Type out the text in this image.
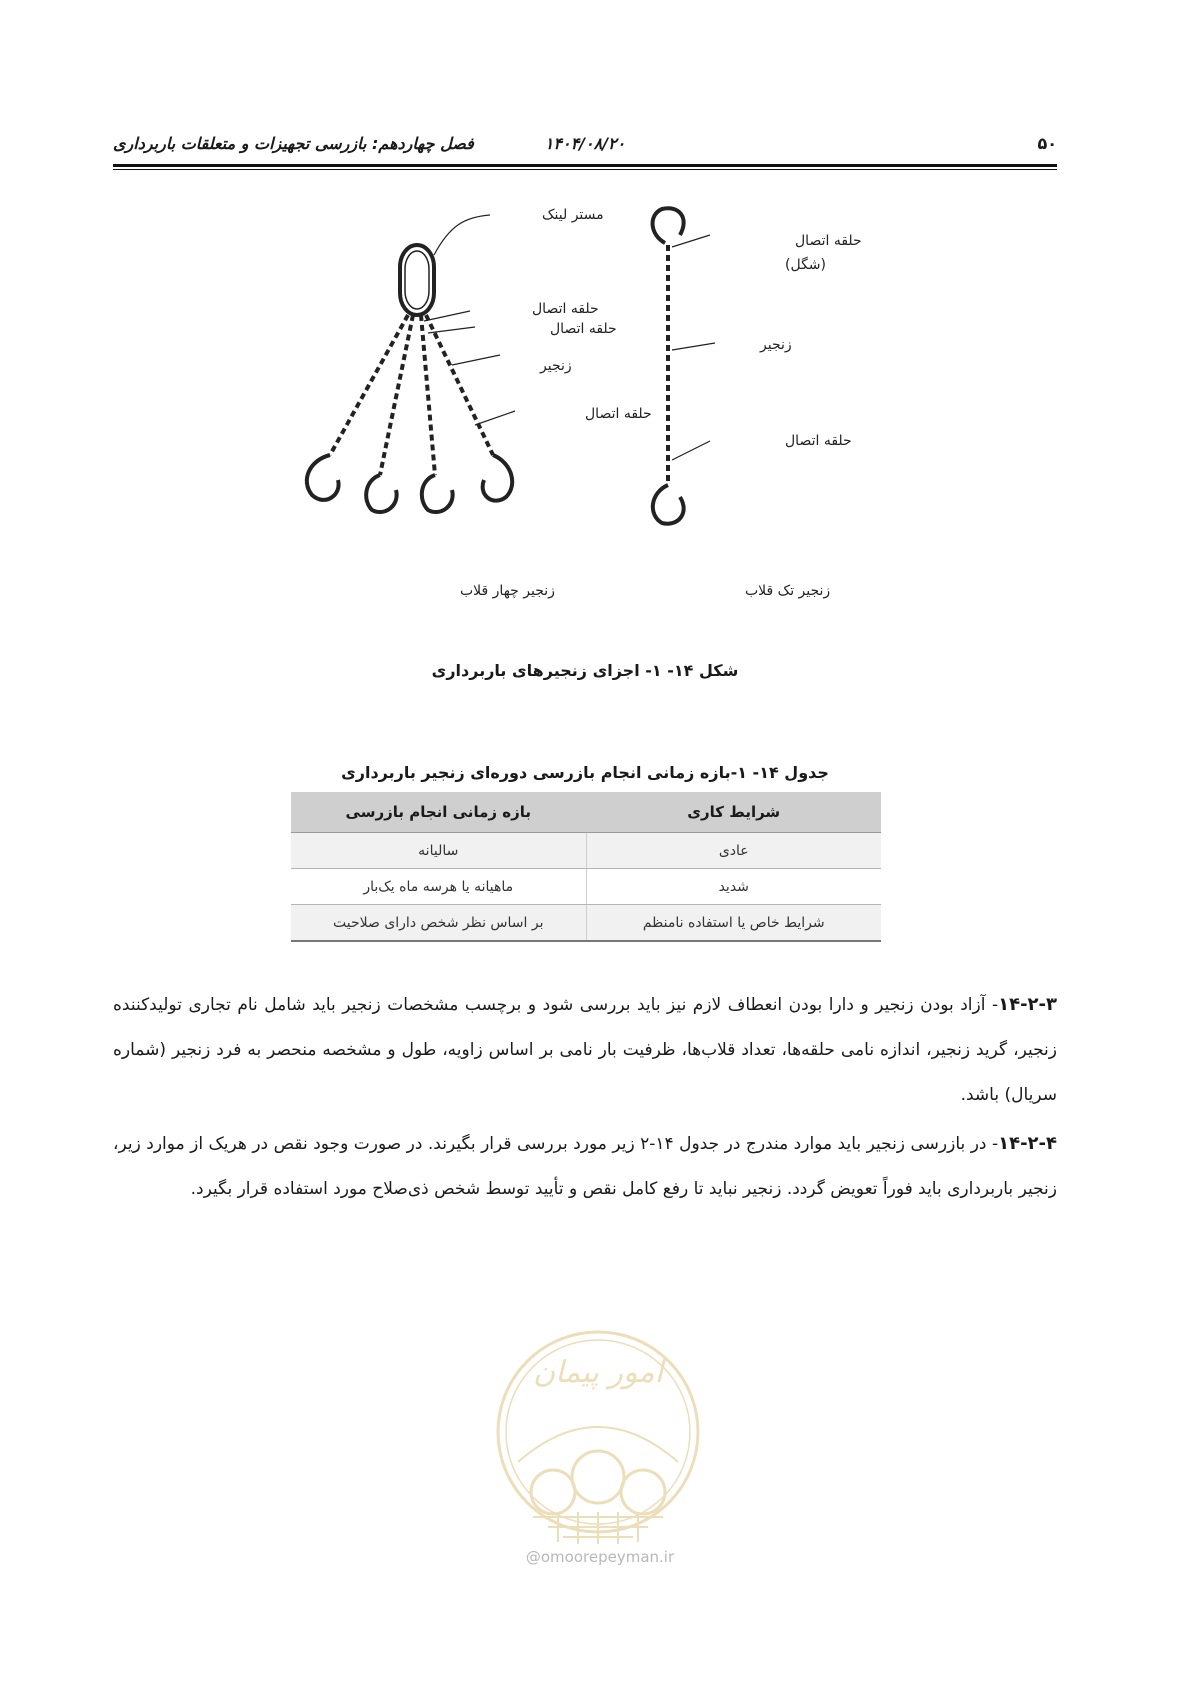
۵۰
۱۴۰۴/۰۸/۲۰
فصل چهاردهم: بازرسی تجهیزات و متعلقات باربرداری
مستر لینک
حلقه اتصال
حلقه اتصال
زنجیر
حلقه اتصال
حلقه اتصال
(شگل)
زنجیر
حلقه اتصال
زنجیر چهار قلاب	زنجیر تک قلاب
شکل ۱۴- ۱- اجزای زنجیرهای باربرداری
جدول ۱۴- ۱-بازه زمانی انجام بازرسی دوره‌ای زنجیر باربرداری
شرایط کاری	بازه زمانی انجام بازرسی
عادی	سالیانه
شدید	ماهیانه یا هرسه ماه یک‌بار
شرایط خاص یا استفاده نامنظم	بر اساس نظر شخص دارای صلاحیت
۱۴-۲-۳- آزاد بودن زنجیر و دارا بودن انعطاف لازم نیز باید بررسی شود و برچسب مشخصات زنجیر باید شامل نام تجاری تولیدکننده زنجیر، گرید زنجیر، اندازه نامی حلقه‌ها، تعداد قلاب‌ها، ظرفیت بار نامی بر اساس زاویه، طول و مشخصه منحصر به فرد زنجیر (شماره سریال) باشد.
۱۴-۲-۴- در بازرسی زنجیر باید موارد مندرج در جدول ۱۴-۲ زیر مورد بررسی قرار بگیرند. در صورت وجود نقص در هریک از موارد زیر، زنجیر باربرداری باید فوراً تعویض گردد. زنجیر نباید تا رفع کامل نقص و تأیید توسط شخص ذی‌صلاح مورد استفاده قرار بگیرد.
امور پیمان
@omoorepeyman.ir
